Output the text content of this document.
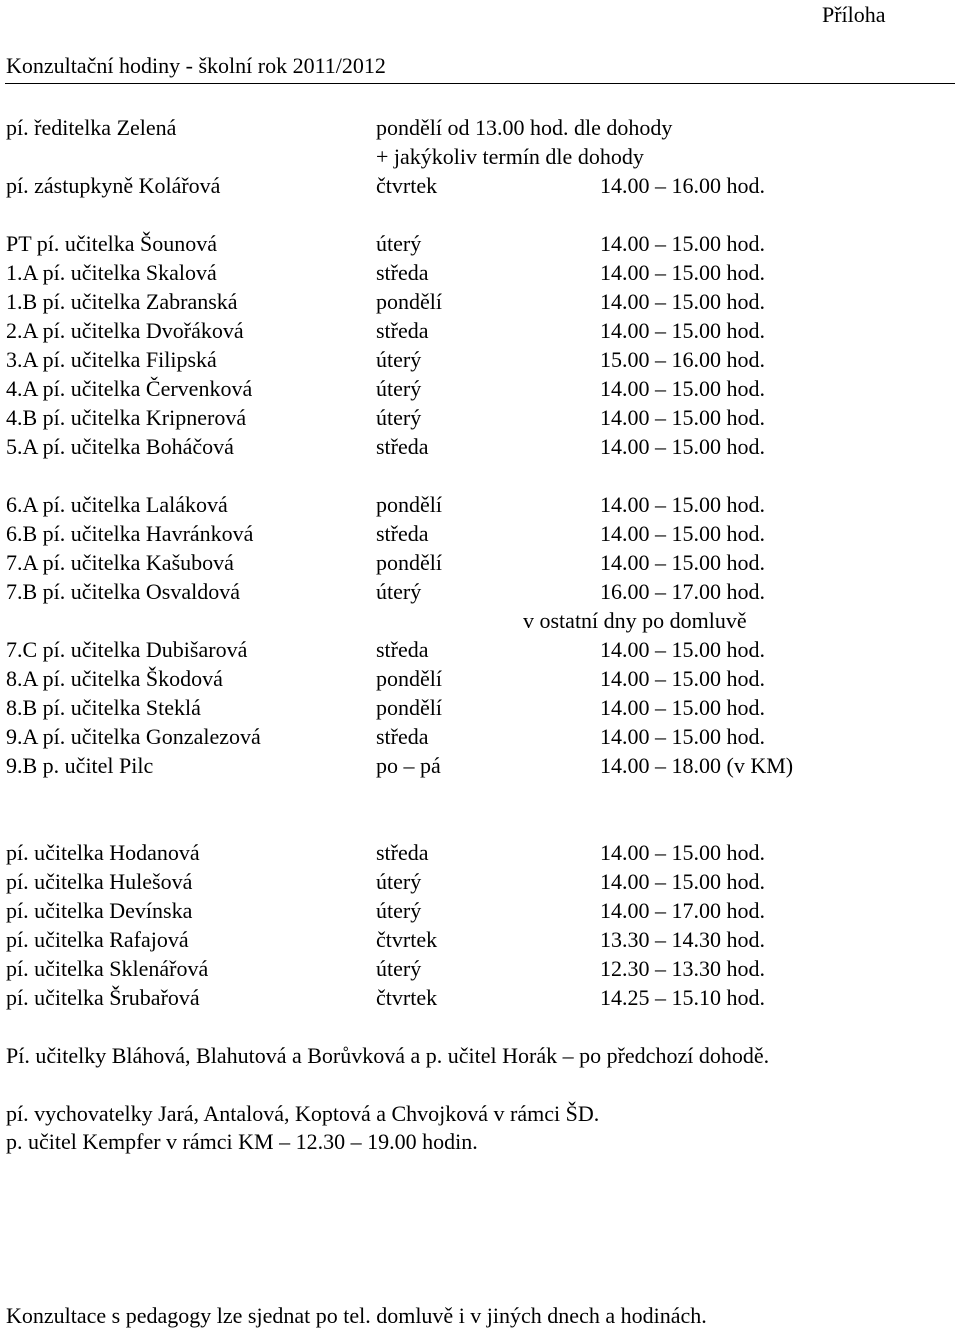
Příloha
Konzultační hodiny - školní rok 2011/2012
pí. ředitelka Zelená	pondělí od 13.00 hod. dle dohody
+ jakýkoliv termín dle dohody
pí. zástupkyně Kolářová	čtvrtek	14.00 – 16.00 hod.
PT pí. učitelka Šounová	úterý	14.00 – 15.00 hod.
1.A pí. učitelka Skalová	středa	14.00 – 15.00 hod.
1.B pí. učitelka Zabranská	pondělí	14.00 – 15.00 hod.
2.A pí. učitelka Dvořáková	středa	14.00 – 15.00 hod.
3.A pí. učitelka Filipská	úterý	15.00 – 16.00 hod.
4.A pí. učitelka Červenková	úterý	14.00 – 15.00 hod.
4.B pí. učitelka Kripnerová	úterý	14.00 – 15.00 hod.
5.A pí. učitelka Boháčová	středa	14.00 – 15.00 hod.
6.A pí. učitelka Laláková	pondělí	14.00 – 15.00 hod.
6.B pí. učitelka Havránková	středa	14.00 – 15.00 hod.
7.A pí. učitelka Kašubová	pondělí	14.00 – 15.00 hod.
7.B pí. učitelka Osvaldová	úterý	16.00 – 17.00 hod.
v ostatní dny po domluvě
7.C pí. učitelka Dubišarová	středa	14.00 – 15.00 hod.
8.A pí. učitelka Škodová	pondělí	14.00 – 15.00 hod.
8.B pí. učitelka Steklá	pondělí	14.00 – 15.00 hod.
9.A pí. učitelka Gonzalezová	středa	14.00 – 15.00 hod.
9.B p. učitel Pilc	po – pá	14.00 – 18.00 (v KM)
pí. učitelka Hodanová	středa	14.00 – 15.00 hod.
pí. učitelka Hulešová	úterý	14.00 – 15.00 hod.
pí. učitelka Devínska	úterý	14.00 – 17.00 hod.
pí. učitelka Rafajová	čtvrtek	13.30 – 14.30 hod.
pí. učitelka Sklenářová	úterý	12.30 – 13.30 hod.
pí. učitelka Šrubařová	čtvrtek	14.25 – 15.10 hod.
Pí. učitelky Bláhová, Blahutová a Borůvková a p. učitel Horák – po předchozí dohodě.
pí. vychovatelky Jará, Antalová, Koptová a Chvojková v rámci ŠD.
p. učitel Kempfer v rámci KM – 12.30 – 19.00 hodin.
Konzultace s pedagogy lze sjednat po tel. domluvě i v jiných dnech a hodinách.
